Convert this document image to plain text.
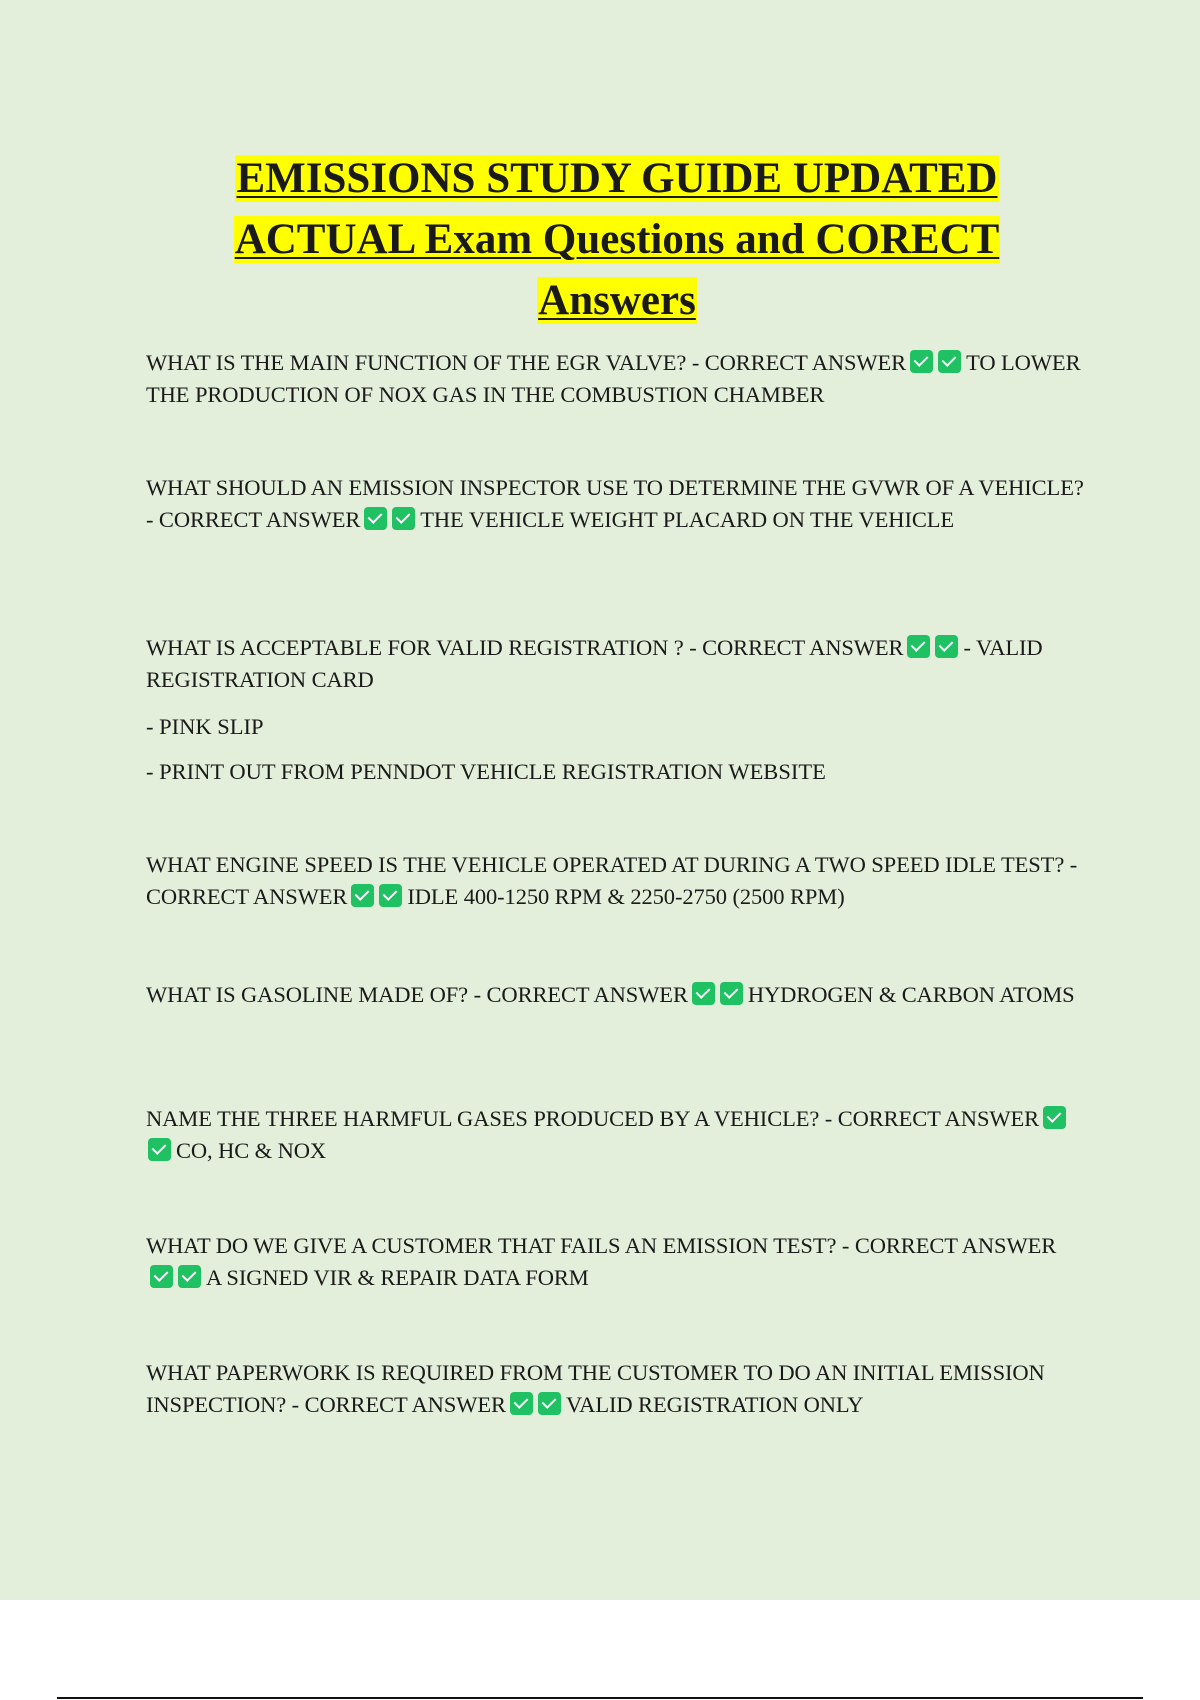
EMISSIONS STUDY GUIDE UPDATED
ACTUAL Exam Questions and CORECT
Answers

WHAT IS THE MAIN FUNCTION OF THE EGR VALVE? - CORRECT ANSWER	TO LOWER THE PRODUCTION OF NOX GAS IN THE COMBUSTION CHAMBER

WHAT SHOULD AN EMISSION INSPECTOR USE TO DETERMINE THE GVWR OF A VEHICLE? - CORRECT ANSWER	THE VEHICLE WEIGHT PLACARD ON THE VEHICLE

WHAT IS ACCEPTABLE FOR VALID REGISTRATION ? - CORRECT ANSWER	- VALID REGISTRATION CARD

- PINK SLIP

- PRINT OUT FROM PENNDOT VEHICLE REGISTRATION WEBSITE

WHAT ENGINE SPEED IS THE VEHICLE OPERATED AT DURING A TWO SPEED IDLE TEST? - CORRECT ANSWER	IDLE 400-1250 RPM & 2250-2750 (2500 RPM)

WHAT IS GASOLINE MADE OF? - CORRECT ANSWER	HYDROGEN & CARBON ATOMS

NAME THE THREE HARMFUL GASES PRODUCED BY A VEHICLE? - CORRECT ANSWERCO, HC & NOX

WHAT DO WE GIVE A CUSTOMER THAT FAILS AN EMISSION TEST? - CORRECT ANSWERA SIGNED VIR & REPAIR DATA FORM

WHAT PAPERWORK IS REQUIRED FROM THE CUSTOMER TO DO AN INITIAL EMISSION INSPECTION? - CORRECT ANSWER	VALID REGISTRATION ONLY
